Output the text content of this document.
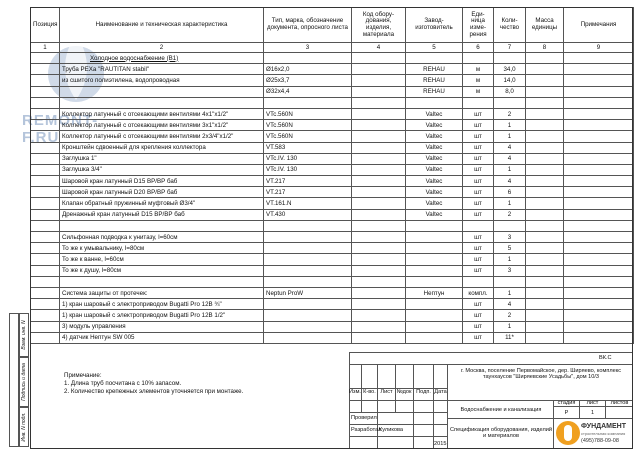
REMONT-F.RU
Позиция	Наименование и техническая характеристика	Тип, марка, обозначение документа, опросного листа	Код обору-дования, изделия, материала	Завод-изготовитель	Еди-ница изме-рения	Коли-чество	Масса единицы	Примечания
1	2	3	4	5	6	7	8	9
	Холодное водоснабжение (В1)							
	Труба PEXa "RAUTITAN stabil"	Ø16x2,0		REHAU	м	34,0		
	из сшитого полиэтилена, водопроводная	Ø25x3,7		REHAU	м	14,0		
		Ø32x4,4		REHAU	м	8,0		

	Коллектор латунный с отсекающими вентилями 4x1"x1/2"	VTc.560N		Valtec	шт	2		
	Коллектор латунный с отсекающими вентилями 3x1"x1/2"	VTc.560N		Valtec	шт	1		
	Коллектор латунный с отсекающими вентилями 2x3/4"x1/2"	VTc.560N		Valtec	шт	1		
	Кронштейн сдвоенный для крепления коллектора	VT.583		Valtec	шт	4		
	Заглушка 1"	VTc.IV. 130		Valtec	шт	4		
	Заглушка 3/4"	VTc.IV. 130		Valtec	шт	1		
	Шаровой кран латунный D15 ВР/ВР баб	VT.217		Valtec	шт	4		
	Шаровой кран латунный D20 ВР/ВР баб	VT.217		Valtec	шт	6		
	Клапан обратный пружинный муфтовый Ø3/4"	VT.161.N		Valtec	шт	1		
	Дренажный кран латунный D15 ВР/ВР баб	VT.430		Valtec	шт	2		

	Сильфонная подводка к унитазу, l=60см				шт	3		
	То же к умывальнику, l=80см				шт	5		
	То же к ванне, l=60см				шт	1		
	То же к душу, l=80см				шт	3		

	Система защиты от протечек:	Neptun ProW		Нептун	компл.	1		
	1) кран шаровый с электроприводом Bugatti Pro 12В ¾"				шт	4		
	1) кран шаровый с электроприводом Bugatti Pro 12В 1/2"				шт	2		
	3) модуль управления				шт	1		
	4) датчик Нептун SW 005				шт	11*		
Взам. инв. N
Подпись и дата
Инв. N подл.
Примечание:
1. Длина труб посчитана с 10% запасом.
2. Количество крепежных элементов уточняется при монтаже.
ВК.С
г. Москва, поселение Первомайское, дер. Ширяево, комплекс таунхаусов "Ширяевские Усадьбы", дом 10/3
Изм. К-во. Лист №док Подп. Дата
Проверил
Разработал
Куликова
2015
Водоснабжение и канализация
Спецификация оборудования, изделий и материалов
стадия	лист	листов
Р	1
ФУНДАМЕНТ
строительная компания
(495)788-09-08
